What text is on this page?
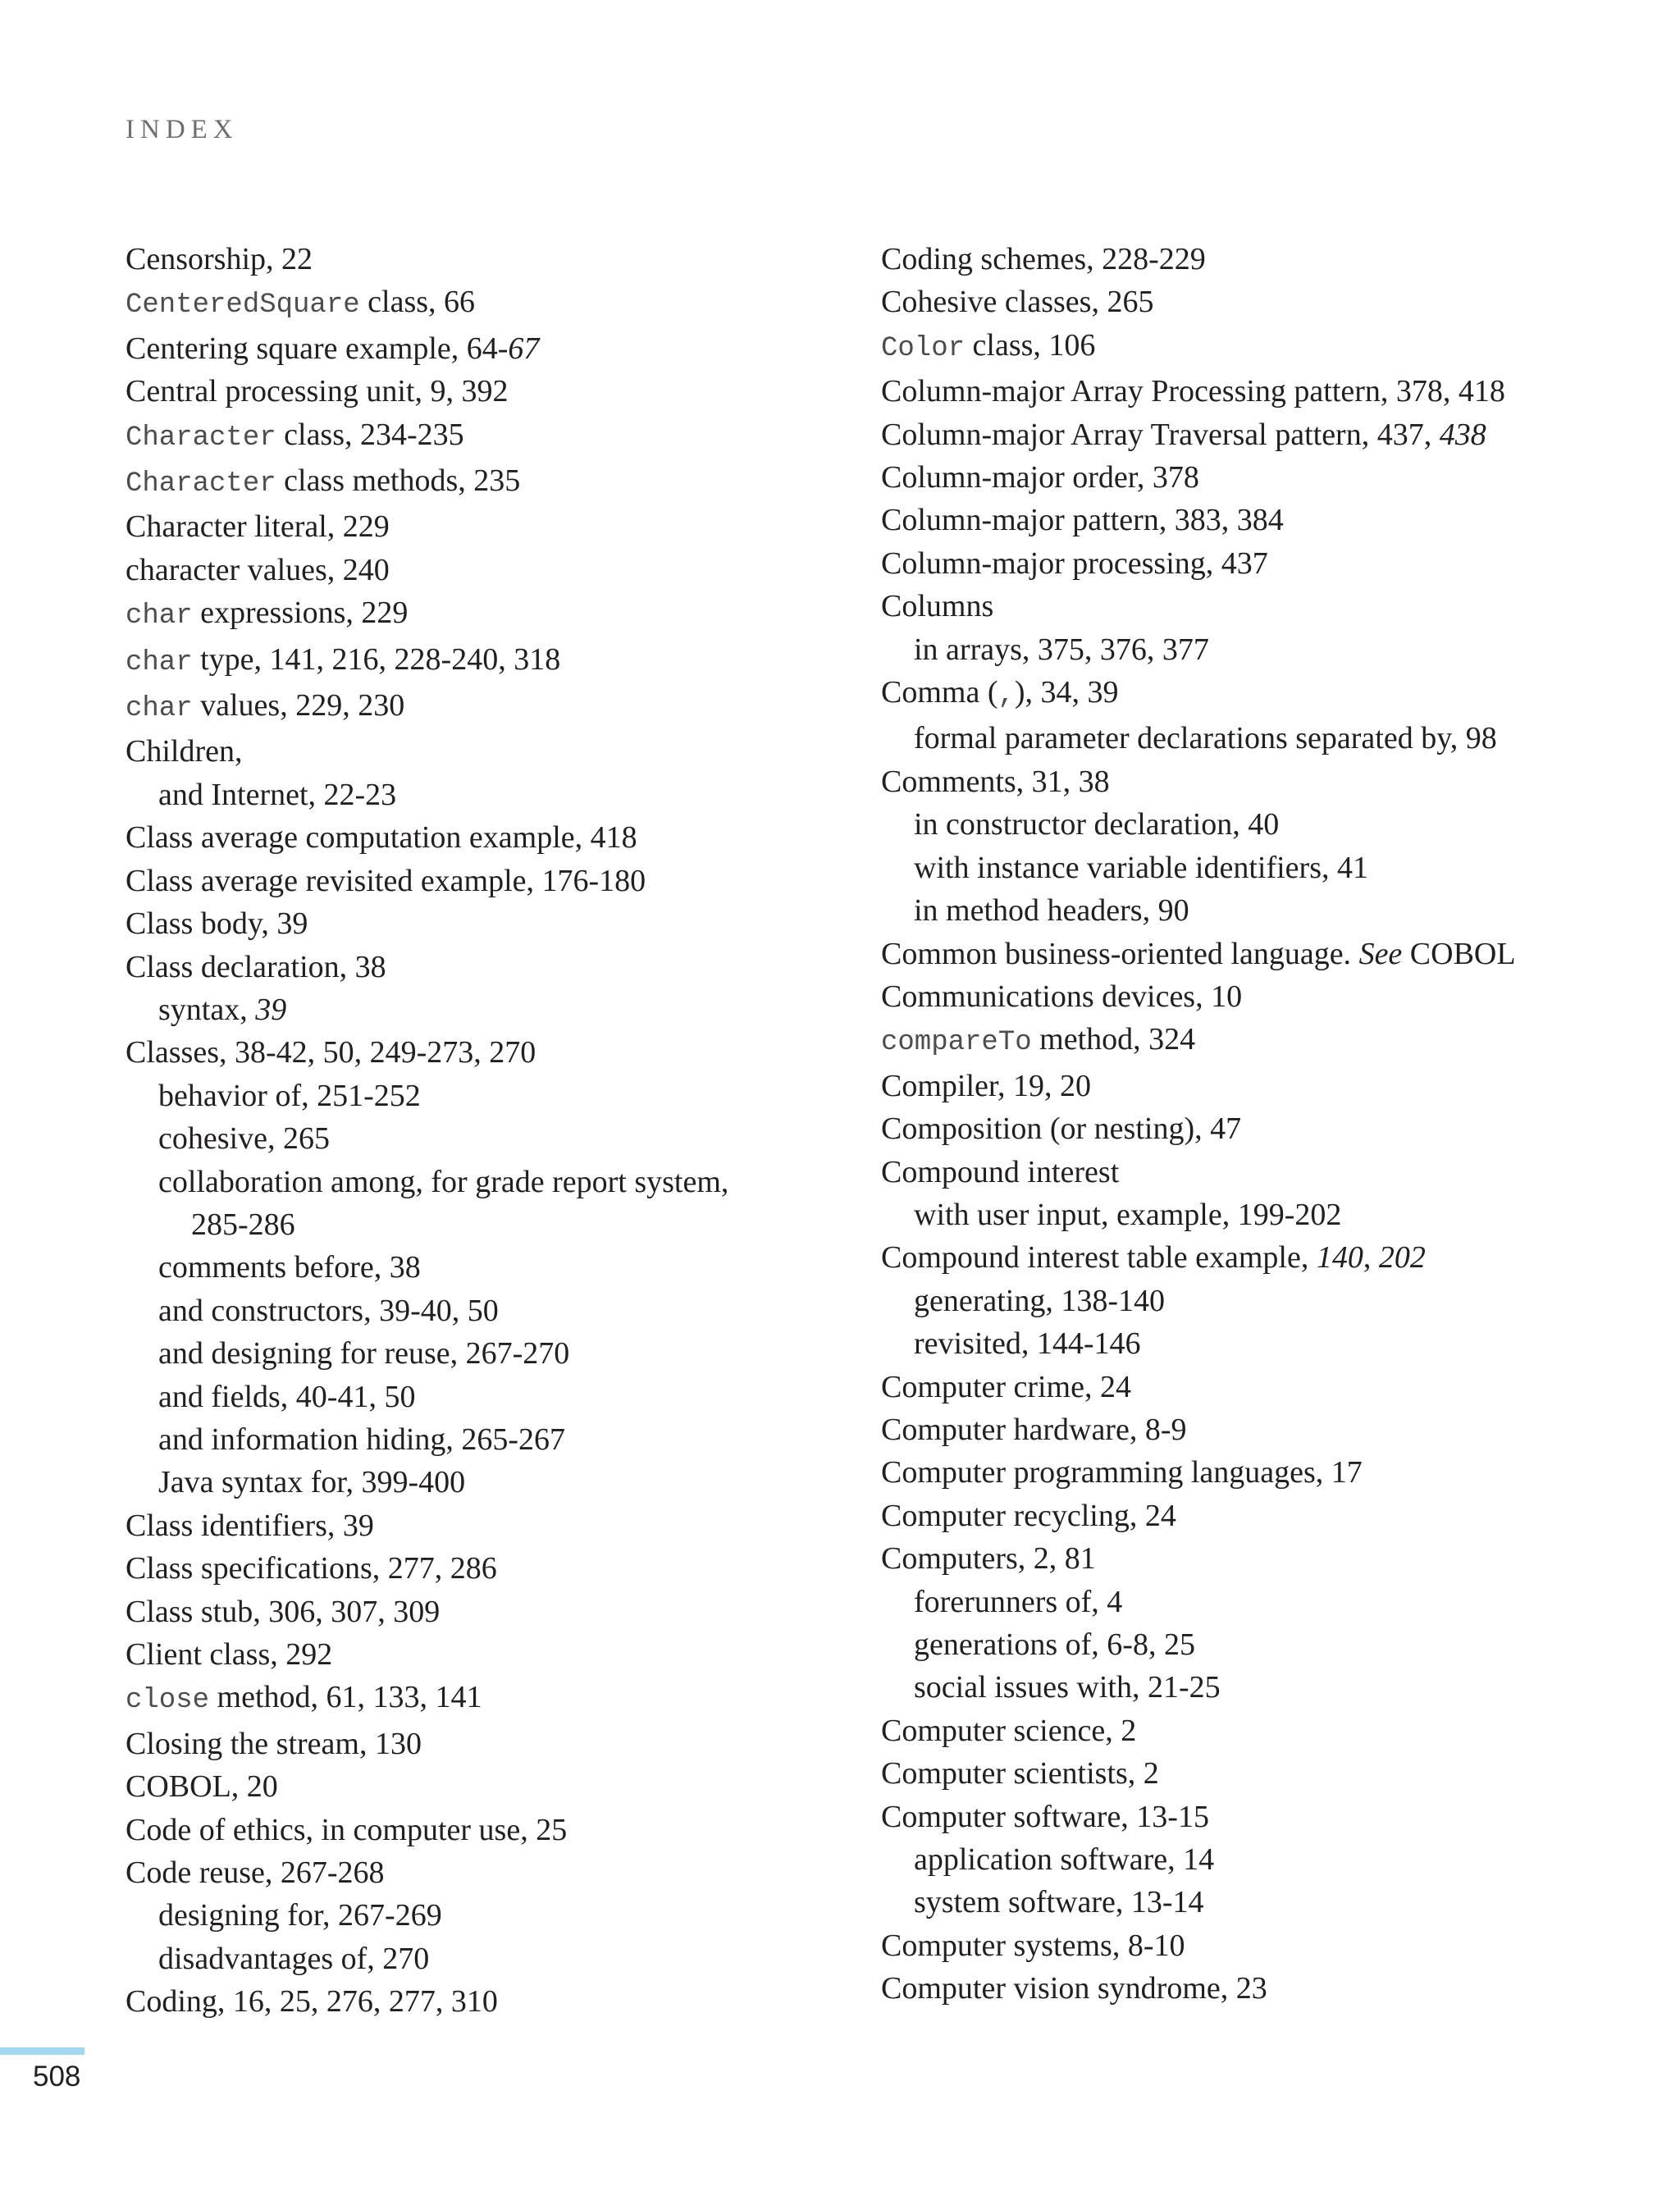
INDEX
Censorship, 22
CenteredSquare class, 66
Centering square example, 64-67
Central processing unit, 9, 392
Character class, 234-235
Character class methods, 235
Character literal, 229
character values, 240
char expressions, 229
char type, 141, 216, 228-240, 318
char values, 229, 230
Children,
and Internet, 22-23
Class average computation example, 418
Class average revisited example, 176-180
Class body, 39
Class declaration, 38
syntax, 39
Classes, 38-42, 50, 249-273, 270
behavior of, 251-252
cohesive, 265
collaboration among, for grade report system,
285-286
comments before, 38
and constructors, 39-40, 50
and designing for reuse, 267-270
and fields, 40-41, 50
and information hiding, 265-267
Java syntax for, 399-400
Class identifiers, 39
Class specifications, 277, 286
Class stub, 306, 307, 309
Client class, 292
close method, 61, 133, 141
Closing the stream, 130
COBOL, 20
Code of ethics, in computer use, 25
Code reuse, 267-268
designing for, 267-269
disadvantages of, 270
Coding, 16, 25, 276, 277, 310
Coding schemes, 228-229
Cohesive classes, 265
Color class, 106
Column-major Array Processing pattern, 378, 418
Column-major Array Traversal pattern, 437, 438
Column-major order, 378
Column-major pattern, 383, 384
Column-major processing, 437
Columns
in arrays, 375, 376, 377
Comma (,), 34, 39
formal parameter declarations separated by, 98
Comments, 31, 38
in constructor declaration, 40
with instance variable identifiers, 41
in method headers, 90
Common business-oriented language. See COBOL
Communications devices, 10
compareTo method, 324
Compiler, 19, 20
Composition (or nesting), 47
Compound interest
with user input, example, 199-202
Compound interest table example, 140, 202
generating, 138-140
revisited, 144-146
Computer crime, 24
Computer hardware, 8-9
Computer programming languages, 17
Computer recycling, 24
Computers, 2, 81
forerunners of, 4
generations of, 6-8, 25
social issues with, 21-25
Computer science, 2
Computer scientists, 2
Computer software, 13-15
application software, 14
system software, 13-14
Computer systems, 8-10
Computer vision syndrome, 23
508
